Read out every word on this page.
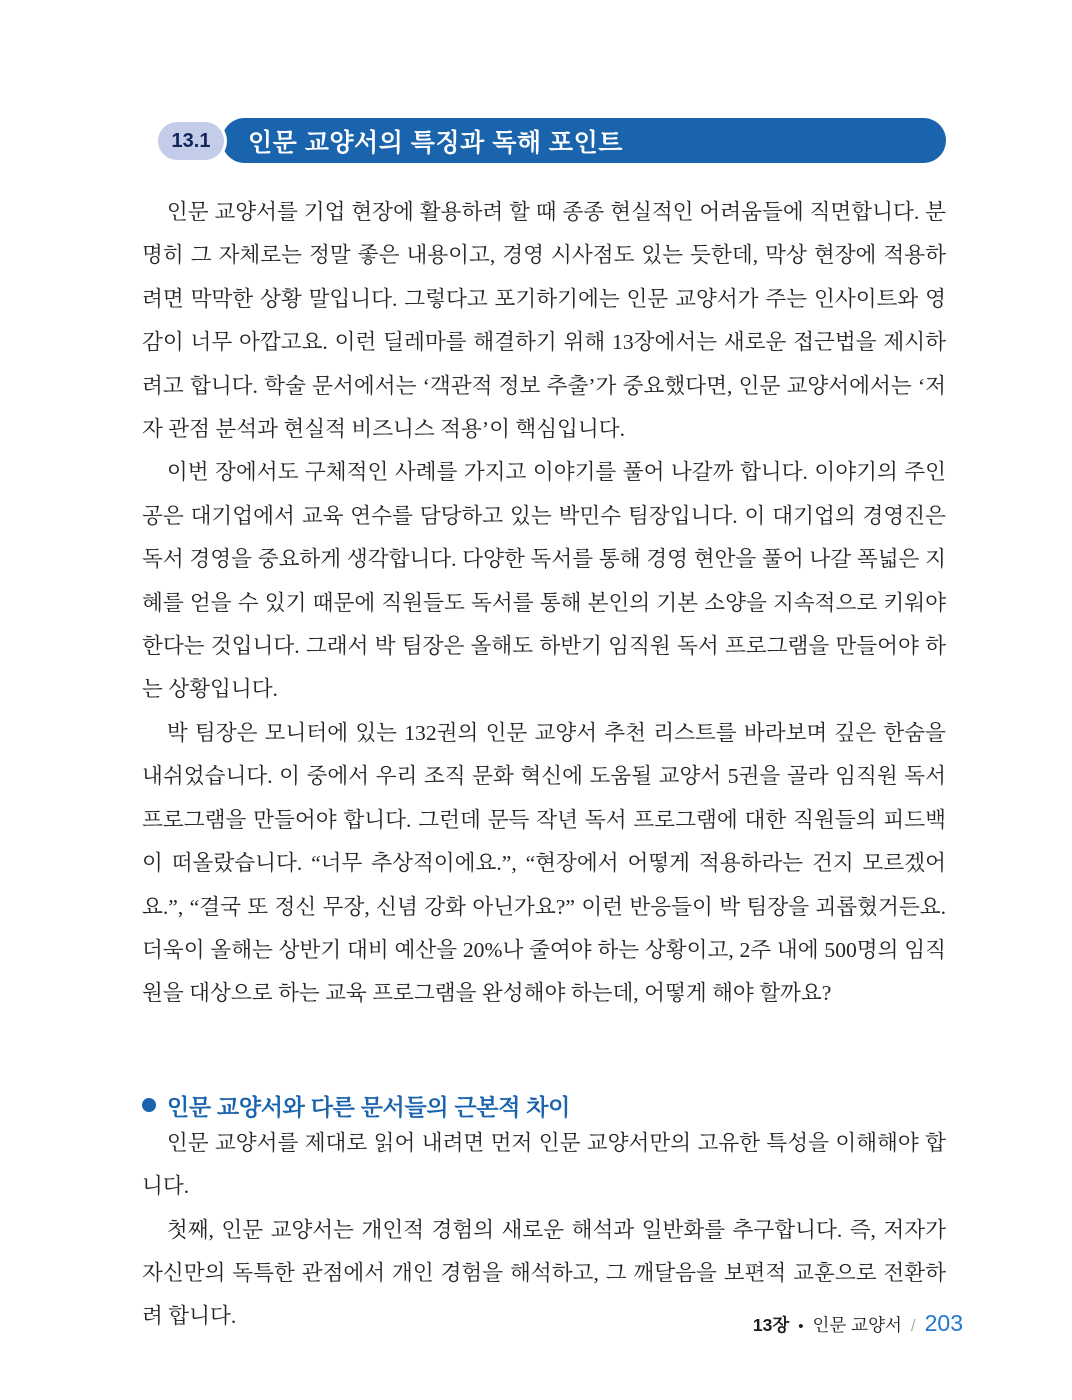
인문 교양서의 특징과 독해 포인트
13.1

인문 교양서를 기업 현장에 활용하려 할 때 종종 현실적인 어려움들에 직면합니다. 분명히 그 자체로는 정말 좋은 내용이고, 경영 시사점도 있는 듯한데, 막상 현장에 적용하려면 막막한 상황 말입니다. 그렇다고 포기하기에는 인문 교양서가 주는 인사이트와 영감이 너무 아깝고요. 이런 딜레마를 해결하기 위해 13장에서는 새로운 접근법을 제시하려고 합니다. 학술 문서에서는 ‘객관적 정보 추출’가 중요했다면, 인문 교양서에서는 ‘저자 관점 분석과 현실적 비즈니스 적용’이 핵심입니다.

이번 장에서도 구체적인 사례를 가지고 이야기를 풀어 나갈까 합니다. 이야기의 주인공은 대기업에서 교육 연수를 담당하고 있는 박민수 팀장입니다. 이 대기업의 경영진은 독서 경영을 중요하게 생각합니다. 다양한 독서를 통해 경영 현안을 풀어 나갈 폭넓은 지혜를 얻을 수 있기 때문에 직원들도 독서를 통해 본인의 기본 소양을 지속적으로 키워야 한다는 것입니다. 그래서 박 팀장은 올해도 하반기 임직원 독서 프로그램을 만들어야 하는 상황입니다.

박 팀장은 모니터에 있는 132권의 인문 교양서 추천 리스트를 바라보며 깊은 한숨을 내쉬었습니다. 이 중에서 우리 조직 문화 혁신에 도움될 교양서 5권을 골라 임직원 독서 프로그램을 만들어야 합니다. 그런데 문득 작년 독서 프로그램에 대한 직원들의 피드백이 떠올랐습니다. “너무 추상적이에요.”, “현장에서 어떻게 적용하라는 건지 모르겠어요.”, “결국 또 정신 무장, 신념 강화 아닌가요?” 이런 반응들이 박 팀장을 괴롭혔거든요. 더욱이 올해는 상반기 대비 예산을 20%나 줄여야 하는 상황이고, 2주 내에 500명의 임직원을 대상으로 하는 교육 프로그램을 완성해야 하는데, 어떻게 해야 할까요?

인문 교양서와 다른 문서들의 근본적 차이

인문 교양서를 제대로 읽어 내려면 먼저 인문 교양서만의 고유한 특성을 이해해야 합니다.

첫째, 인문 교양서는 개인적 경험의 새로운 해석과 일반화를 추구합니다. 즉, 저자가 자신만의 독특한 관점에서 개인 경험을 해석하고, 그 깨달음을 보편적 교훈으로 전환하려 합니다.	13장 • 인문 교양서 / 203
